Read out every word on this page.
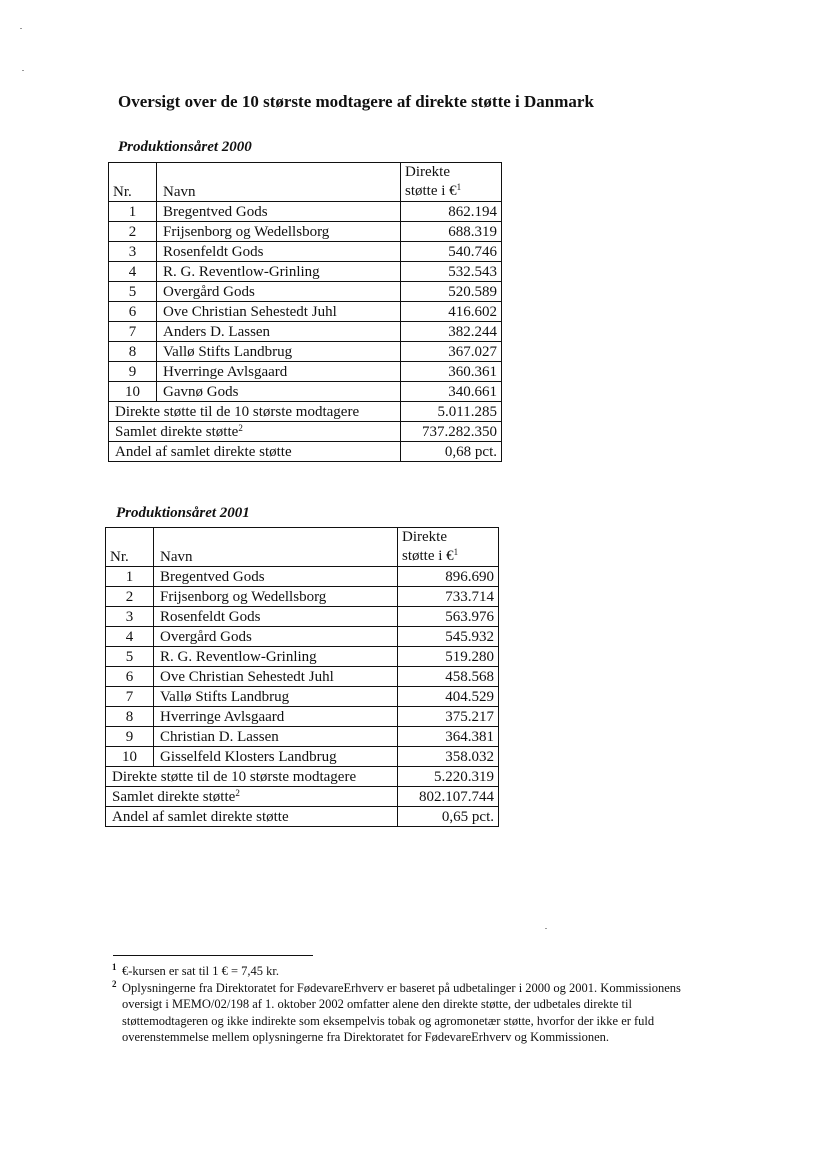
Oversigt over de 10 største modtagere af direkte støtte i Danmark
Produktionsåret 2000
Nr.	Navn	Direkte
støtte i €$^1$
1	Bregentved Gods	862.194
2	Frijsenborg og Wedellsborg	688.319
3	Rosenfeldt Gods	540.746
4	R. G. Reventlow-Grinling	532.543
5	Overgård Gods	520.589
6	Ove Christian Sehestedt Juhl	416.602
7	Anders D. Lassen	382.244
8	Vallø Stifts Landbrug	367.027
9	Hverringe Avlsgaard	360.361
10	Gavnø Gods	340.661
Direkte støtte til de 10 største modtagere		5.011.285
Samlet direkte støtte$^2$		737.282.350
Andel af samlet direkte støtte		0,68 pct.
Produktionsåret 2001
Nr.	Navn	Direkte
støtte i €$^1$
1	Bregentved Gods	896.690
2	Frijsenborg og Wedellsborg	733.714
3	Rosenfeldt Gods	563.976
4	Overgård Gods	545.932
5	R. G. Reventlow-Grinling	519.280
6	Ove Christian Sehestedt Juhl	458.568
7	Vallø Stifts Landbrug	404.529
8	Hverringe Avlsgaard	375.217
9	Christian D. Lassen	364.381
10	Gisselfeld Klosters Landbrug	358.032
Direkte støtte til de 10 største modtagere		5.220.319
Samlet direkte støtte$^2$		802.107.744
Andel af samlet direkte støtte		0,65 pct.
1 €-kursen er sat til 1 € = 7,45 kr.
2 Oplysningerne fra Direktoratet for FødevareErhverv er baseret på udbetalinger i 2000 og 2001. Kommissionens oversigt i MEMO/02/198 af 1. oktober 2002 omfatter alene den direkte støtte, der udbetales direkte til støttemodtageren og ikke indirekte som eksempelvis tobak og agromonetær støtte, hvorfor der ikke er fuld overenstemmelse mellem oplysningerne fra Direktoratet for FødevareErhverv og Kommissionen.
